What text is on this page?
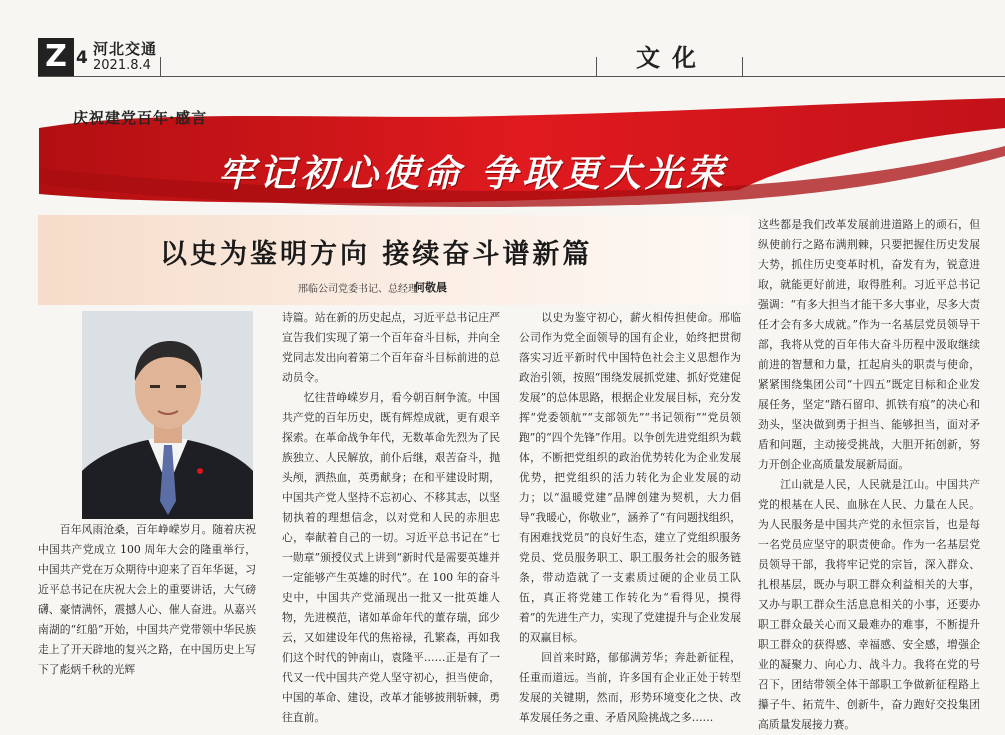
Z 4 河北交通
2021.8.4	文化
庆祝建党百年·感言
牢记初心使命 争取更大光荣
以史为鉴明方向 接续奋斗谱新篇
邢临公司党委书记、总经理
何敬晨

　　百年风雨沧桑，百年峥嵘岁月。随着庆祝中国共产党成立 100 周年大会的隆重举行，中国共产党在万众期待中迎来了百年华诞，习近平总书记在庆祝大会上的重要讲话，大气磅礴、豪情满怀，震撼人心、催人奋进。从嘉兴南湖的“红船”开始，中国共产党带领中华民族走上了开天辟地的复兴之路，在中国历史上写下了彪炳千秋的光辉

诗篇。站在新的历史起点，习近平总书记庄严宣告我们实现了第一个百年奋斗目标，并向全党同志发出向着第二个百年奋斗目标前进的总动员令。
　　忆往昔峥嵘岁月，看今朝百舸争流。中国共产党的百年历史，既有辉煌成就，更有艰辛探索。在革命战争年代，无数革命先烈为了民族独立、人民解放，前仆后继，艰苦奋斗，抛头颅，洒热血，英勇献身；在和平建设时期，中国共产党人坚持不忘初心、不移其志，以坚韧执着的理想信念，以对党和人民的赤胆忠心，奉献着自己的一切。习近平总书记在“七一勋章”颁授仪式上讲到“新时代是需要英雄并一定能够产生英雄的时代”。在 100 年的奋斗史中，中国共产党涌现出一批又一批英雄人物，先进模范，诸如革命年代的董存瑞，邱少云，又如建设年代的焦裕禄，孔繁森，再如我们这个时代的钟南山，袁隆平……正是有了一代又一代中国共产党人坚守初心，担当使命，中国的革命、建设，改革才能够披荆斩棘，勇往直前。

　　以史为鉴守初心，薪火相传担使命。邢临公司作为党全面领导的国有企业，始终把贯彻落实习近平新时代中国特色社会主义思想作为政治引领，按照“围绕发展抓党建、抓好党建促发展”的总体思路，根据企业发展目标，充分发挥“党委领航”“支部领先”“书记领衔”“党员领跑”的“四个先锋”作用。以争创先进党组织为载体，不断把党组织的政治优势转化为企业发展优势，把党组织的活力转化为企业发展的动力；以“温暖党建”品牌创建为契机，大力倡导“我暖心，你敬业”，涵养了“有问题找组织，有困难找党员”的良好生态，建立了党组织服务党员、党员服务职工、职工服务社会的服务链条，带动造就了一支素质过硬的企业员工队伍，真正将党建工作转化为“看得见，摸得着”的先进生产力，实现了党建提升与企业发展的双赢目标。
　　回首来时路，郁郁满芳华；奔赴新征程，任重而道远。当前，许多国有企业正处于转型发展的关键期，然而，形势环境变化之快、改革发展任务之重、矛盾风险挑战之多……

这些都是我们改革发展前进道路上的顽石，但纵使前行之路布满荆棘，只要把握住历史发展大势，抓住历史变革时机，奋发有为，锐意进取，就能更好前进，取得胜利。习近平总书记强调：“有多大担当才能干多大事业，尽多大责任才会有多大成就。”作为一名基层党员领导干部，我将从党的百年伟大奋斗历程中汲取继续前进的智慧和力量，扛起肩头的职责与使命，紧紧围绕集团公司“十四五”既定目标和企业发展任务，坚定“踏石留印、抓铁有痕”的决心和劲头，坚决做到勇于担当、能够担当，面对矛盾和问题，主动接受挑战，大胆开拓创新，努力开创企业高质量发展新局面。
　　江山就是人民，人民就是江山。中国共产党的根基在人民、血脉在人民、力量在人民。为人民服务是中国共产党的永恒宗旨，也是每一名党员应坚守的职责使命。作为一名基层党员领导干部，我将牢记党的宗旨，深入群众、扎根基层，既办与职工群众利益相关的大事，又办与职工群众生活息息相关的小事，还要办职工群众最关心而又最难办的难事，不断提升职工群众的获得感、幸福感、安全感，增强企业的凝聚力、向心力、战斗力。我将在党的号召下，团结带领全体干部职工争做新征程路上攥子牛、拓荒牛、创新牛，奋力跑好交投集团高质量发展接力赛。
